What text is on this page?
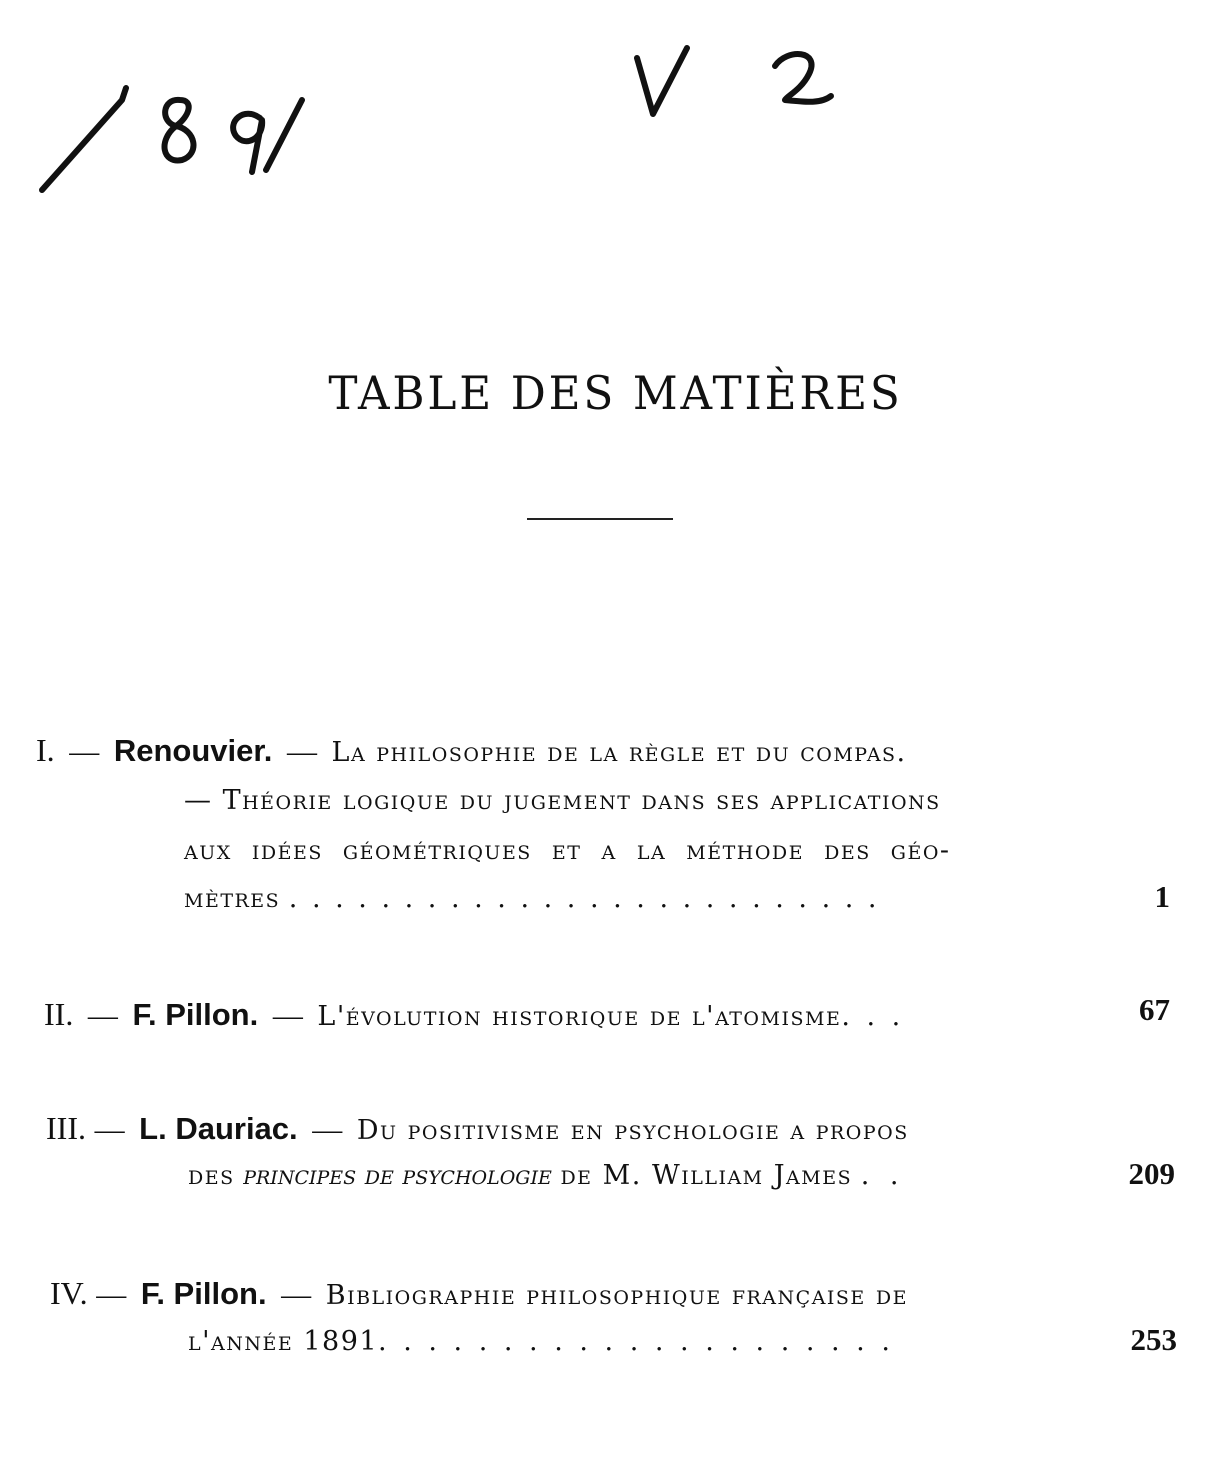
TABLE DES MATIÈRES
I. — Renouvier. — La philosophie de la règle et du compas.
— Théorie logique du jugement dans ses applications
aux idées géométriques et a la méthode des géo-
mètres . . . . . . . . . . . . . . . . . . . . . . . . . .	1
II. — F. Pillon. — L'évolution historique de l'atomisme. . .	67
III. — L. Dauriac. — Du positivisme en psychologie a propos
des principes de psychologie de M. William James . .	209
IV. — F. Pillon. — Bibliographie philosophique française de
l'année 1891. . . . . . . . . . . . . . . . . . . . .	253
